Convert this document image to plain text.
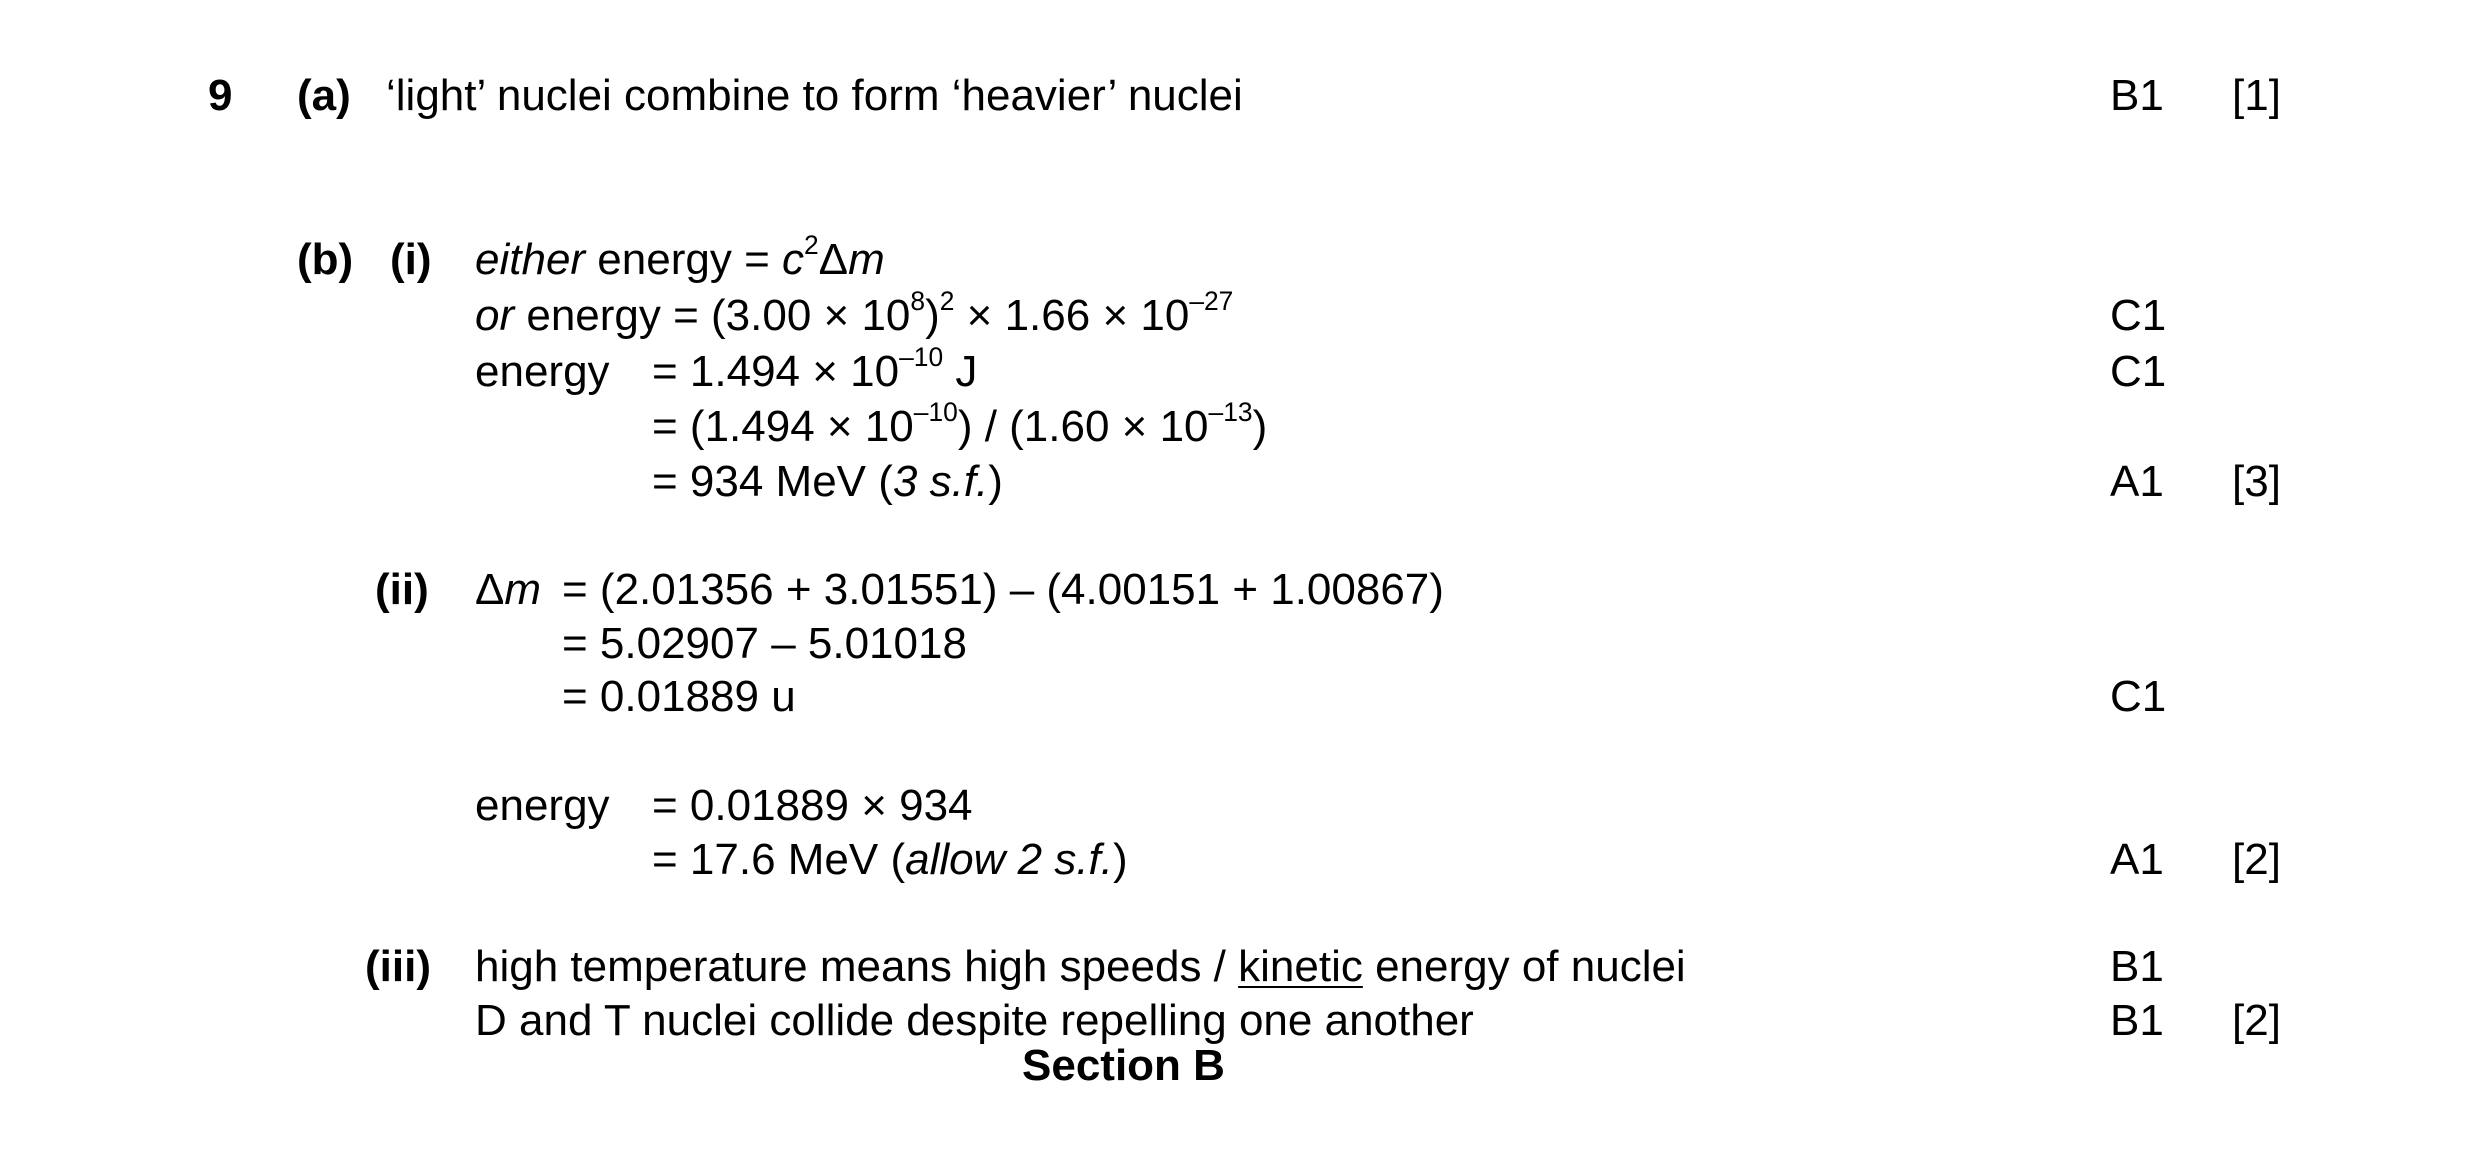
9 (a) ‘light’ nuclei combine to form ‘heavier’ nuclei	B1 [1]
(b) (i) either energy = $c^2\Delta m$
or energy = $(3.00 \times 10^8)^2 \times 1.66 \times 10^{-27}$	C1
energy = $1.494 \times 10^{-10}$ J	C1
= $(1.494 \times 10^{-10}) / (1.60 \times 10^{-13})$
= 934 MeV (3 s.f.)	A1 [3]
(ii) Δm = (2.01356 + 3.01551) – (4.00151 + 1.00867)
= 5.02907 – 5.01018
= 0.01889 u	C1
energy = 0.01889 × 934
= 17.6 MeV (allow 2 s.f.)	A1 [2]
(iii) high temperature means high speeds / kinetic energy of nuclei	B1
D and T nuclei collide despite repelling one another	B1 [2]
Section B
